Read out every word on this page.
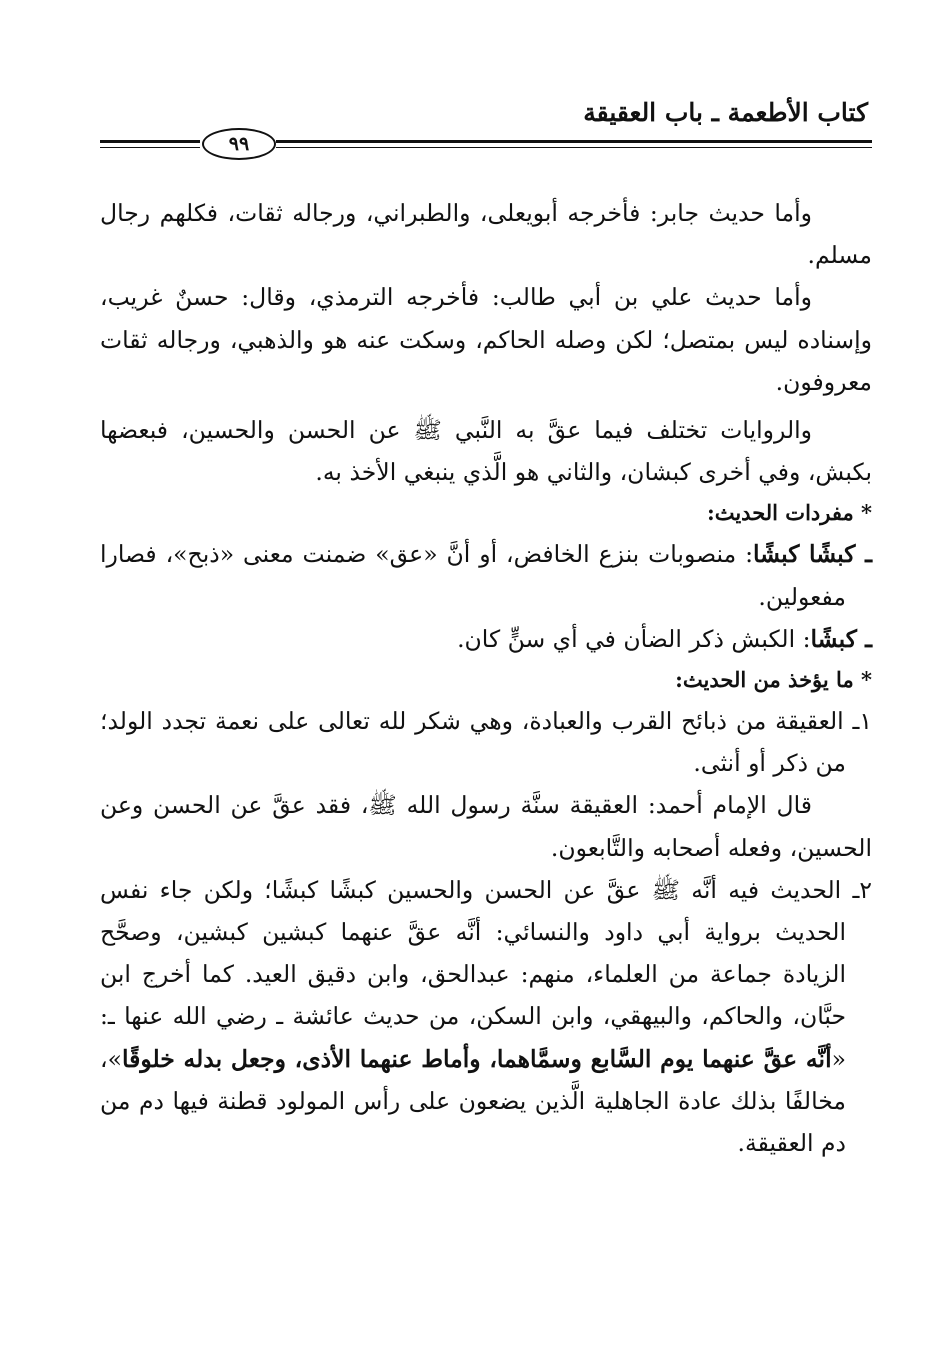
كتاب الأطعمة ـ باب العقيقة
٩٩

وأما حديث جابر: فأخرجه أبويعلى، والطبراني، ورجاله ثقات، فكلهم رجال مسلم.

وأما حديث علي بن أبي طالب: فأخرجه الترمذي، وقال: حسنٌ غريب، وإسناده ليس بمتصل؛ لكن وصله الحاكم، وسكت عنه هو والذهبي، ورجاله ثقات معروفون.

والروايات تختلف فيما عقَّ به النَّبي ﷺ عن الحسن والحسين، فبعضها بكبش، وفي أخرى كبشان، والثاني هو الَّذي ينبغي الأخذ به.

* مفردات الحديث:

ـ كبشًا كبشًا: منصوبات بنزع الخافض، أو أنَّ «عق» ضمنت معنى «ذبح»، فصارا مفعولين.

ـ كبشًا: الكبش ذكر الضأن في أي سنٍّ كان.

* ما يؤخذ من الحديث:

١ـ العقيقة من ذبائح القرب والعبادة، وهي شكر لله تعالى على نعمة تجدد الولد؛ من ذكر أو أنثى.

قال الإمام أحمد: العقيقة سنَّة رسول الله ﷺ، فقد عقَّ عن الحسن وعن الحسين، وفعله أصحابه والتَّابعون.

٢ـ الحديث فيه أنَّه ﷺ عقَّ عن الحسن والحسين كبشًا كبشًا؛ ولكن جاء نفس الحديث برواية أبي داود والنسائي: أنَّه عقَّ عنهما كبشين كبشين، وصحَّح الزيادة جماعة من العلماء، منهم: عبدالحق، وابن دقيق العيد. كما أخرج ابن حبَّان، والحاكم، والبيهقي، وابن السكن، من حديث عائشة ـ رضي الله عنها ـ: «أنَّه عقَّ عنهما يوم السَّابع وسمَّاهما، وأماط عنهما الأذى، وجعل بدله خلوقًا»، مخالفًا بذلك عادة الجاهلية الَّذين يضعون على رأس المولود قطنة فيها دم من دم العقيقة.
